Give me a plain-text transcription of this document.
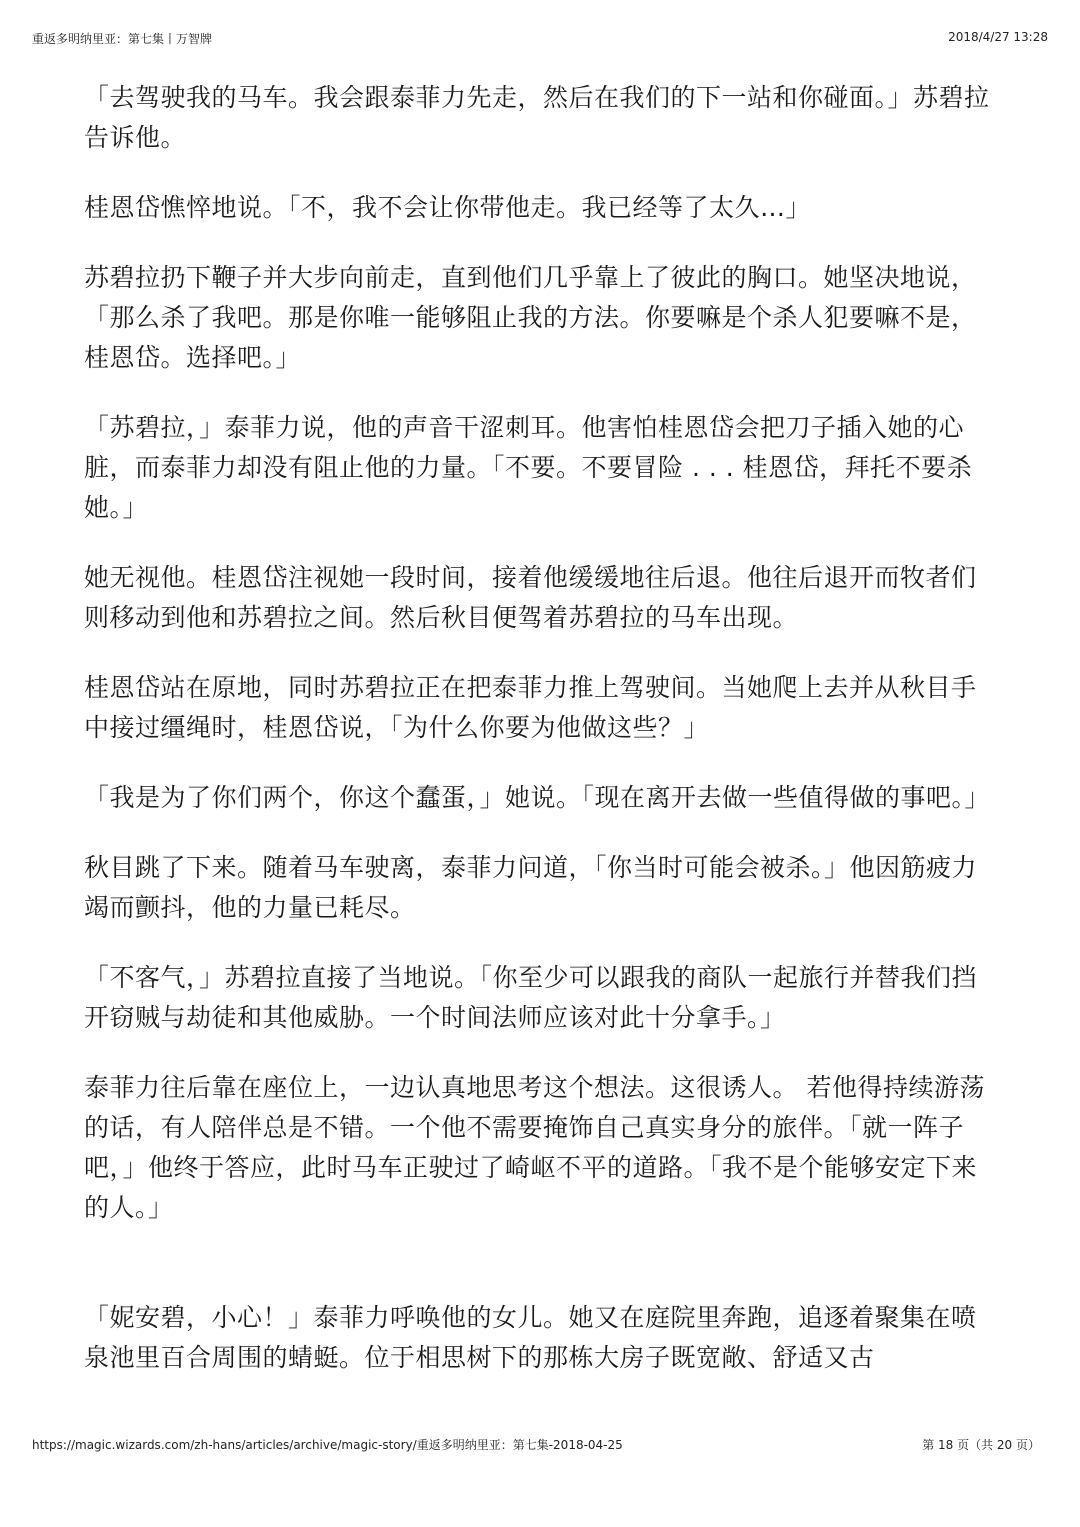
重返多明纳里亚：第七集丨万智牌	2018/4/27 13:28

「去驾驶我的马车。我会跟泰菲力先走，然后在我们的下一站和你碰面。」苏碧拉告诉他。

桂恩岱憔悴地说。「不，我不会让你带他走。我已经等了太久…」

苏碧拉扔下鞭子并大步向前走，直到他们几乎靠上了彼此的胸口。她坚决地说，「那么杀了我吧。那是你唯一能够阻止我的方法。你要嘛是个杀人犯要嘛不是，桂恩岱。选择吧。」

「苏碧拉，」泰菲力说，他的声音干涩刺耳。他害怕桂恩岱会把刀子插入她的心脏，而泰菲力却没有阻止他的力量。「不要。不要冒险 . . . 桂恩岱，拜托不要杀她。」

她无视他。桂恩岱注视她一段时间，接着他缓缓地往后退。他往后退开而牧者们则移动到他和苏碧拉之间。然后秋目便驾着苏碧拉的马车出现。

桂恩岱站在原地，同时苏碧拉正在把泰菲力推上驾驶间。当她爬上去并从秋目手中接过缰绳时，桂恩岱说，「为什么你要为他做这些？」

「我是为了你们两个，你这个蠢蛋，」她说。「现在离开去做一些值得做的事吧。」

秋目跳了下来。随着马车驶离，泰菲力问道，「你当时可能会被杀。」他因筋疲力竭而颤抖，他的力量已耗尽。

「不客气，」苏碧拉直接了当地说。「你至少可以跟我的商队一起旅行并替我们挡开窃贼与劫徒和其他威胁。一个时间法师应该对此十分拿手。」

泰菲力往后靠在座位上，一边认真地思考这个想法。这很诱人。 若他得持续游荡的话，有人陪伴总是不错。一个他不需要掩饰自己真实身分的旅伴。「就一阵子吧，」他终于答应，此时马车正驶过了崎岖不平的道路。「我不是个能够安定下来的人。」

「妮安碧，小心！」泰菲力呼唤他的女儿。她又在庭院里奔跑，追逐着聚集在喷泉池里百合周围的蜻蜓。位于相思树下的那栋大房子既宽敞、舒适又古

https://magic.wizards.com/zh-hans/articles/archive/magic-story/重返多明纳里亚：第七集-2018-04-25	第 18 页（共 20 页）
